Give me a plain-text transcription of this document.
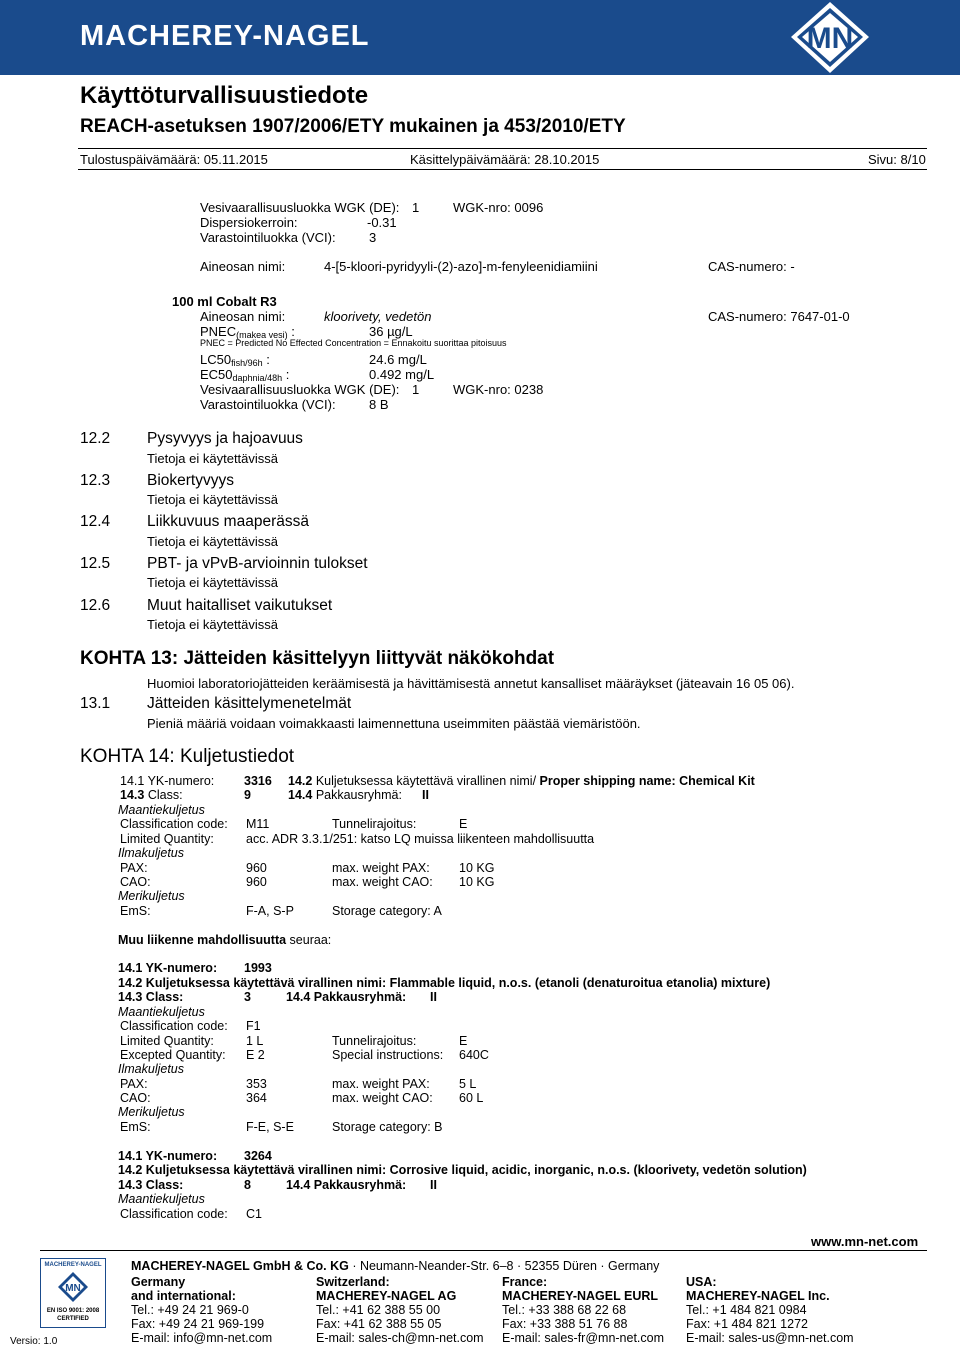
MACHEREY-NAGEL	MN
Käyttöturvallisuustiedote
REACH-asetuksen 1907/2006/ETY mukainen ja 453/2010/ETY
Tulostuspäivämäärä: 05.11.2015	Käsittelypäivämäärä: 28.10.2015	Sivu: 8/10
Vesivaarallisuusluokka WGK (DE): 1	WGK-nro: 0096
Dispersiokerroin:	-0.31
Varastointiluokka (VCI):	3
Aineosan nimi:	4-[5-kloori-pyridyyli-(2)-azo]-m-fenyleenidiamiini	CAS-numero: -
100 ml Cobalt R3
Aineosan nimi:	kloorivety, vedetön	CAS-numero: 7647-01-0
$PNEC_{(makea vesi)}$ :	36 µg/L
PNEC = Predicted No Effected Concentration = Ennakoitu suorittaa pitoisuus
$LC50_{fish/96h}$ :	24.6 mg/L
$EC50_{daphnia/48h}$ :	0.492 mg/L
Vesivaarallisuusluokka WGK (DE): 1	WGK-nro: 0238
Varastointiluokka (VCI):	8 B
12.2 Pysyvyys ja hajoavuus
Tietoja ei käytettävissä
12.3 Biokertyvyys
Tietoja ei käytettävissä
12.4 Liikkuvuus maaperässä
Tietoja ei käytettävissä
12.5 PBT- ja vPvB-arvioinnin tulokset
Tietoja ei käytettävissä
12.6 Muut haitalliset vaikutukset
Tietoja ei käytettävissä
KOHTA 13: Jätteiden käsittelyyn liittyvät näkökohdat
Huomioi laboratoriojätteiden keräämisestä ja hävittämisestä annetut kansalliset määräykset (jäteavain 16 05 06).
13.1 Jätteiden käsittelymenetelmät
Pieniä määriä voidaan voimakkaasti laimennettuna useimmiten päästää viemäristöön.
KOHTA 14: Kuljetustiedot
14.1 YK-numero: 3316 14.2 Kuljetuksessa käytettävä virallinen nimi/ Proper shipping name: Chemical Kit
14.3 Class:	9	14.4 Pakkausryhmä: II
Maantiekuljetus
Classification code: M11	Tunnelirajoitus:	E
Limited Quantity:	acc. ADR 3.3.1/251: katso LQ muissa liikenteen mahdollisuutta
Ilmakuljetus
PAX:	960	max. weight PAX: 10 KG
CAO:	960	max. weight CAO: 10 KG
Merikuljetus
EmS:	F-A, S-P	Storage category: A
Muu liikenne mahdollisuutta seuraa:
14.1 YK-numero: 1993
14.2 Kuljetuksessa käytettävä virallinen nimi: Flammable liquid, n.o.s. (etanoli (denaturoitua etanolia) mixture)
14.3 Class:	3	14.4 Pakkausryhmä: II
Maantiekuljetus
Classification code: F1
Limited Quantity:	1 L	Tunnelirajoitus:	E
Excepted Quantity: E 2	Special instructions: 640C
Ilmakuljetus
PAX:	353	max. weight PAX: 5 L
CAO:	364	max. weight CAO: 60 L
Merikuljetus
EmS:	F-E, S-E	Storage category: B
14.1 YK-numero: 3264
14.2 Kuljetuksessa käytettävä virallinen nimi: Corrosive liquid, acidic, inorganic, n.o.s. (kloorivety, vedetön solution)
14.3 Class:	8	14.4 Pakkausryhmä: II
Maantiekuljetus
Classification code: C1
www.mn-net.com
MACHEREY-NAGEL
MN
EN ISO 9001: 2008
CERTIFIED
Versio: 1.0
MACHEREY-NAGEL GmbH & Co. KG · Neumann-Neander-Str. 6–8 · 52355 Düren · Germany
Germany
and international:
Tel.: +49 24 21 969-0
Fax: +49 24 21 969-199
E-mail: info@mn-net.com
Switzerland:
MACHEREY-NAGEL AG
Tel.: +41 62 388 55 00
Fax: +41 62 388 55 05
E-mail: sales-ch@mn-net.com
France:
MACHEREY-NAGEL EURL
Tel.: +33 388 68 22 68
Fax: +33 388 51 76 88
E-mail: sales-fr@mn-net.com
USA:
MACHEREY-NAGEL Inc.
Tel.: +1 484 821 0984
Fax: +1 484 821 1272
E-mail: sales-us@mn-net.com
